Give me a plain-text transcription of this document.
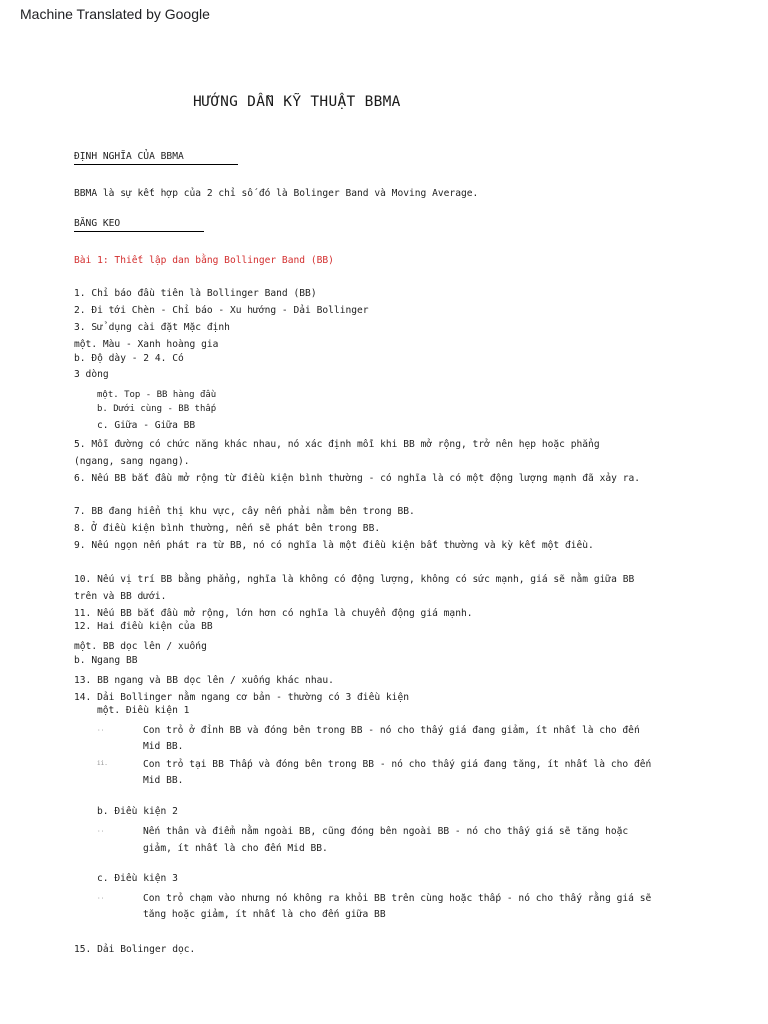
Machine Translated by Google
HƯỚNG DẪN KỸ THUẬT BBMA
ĐỊNH NGHĨA CỦA BBMA
BBMA là sự kết hợp của 2 chỉ số đó là Bolinger Band và Moving Average.
BĂNG KEO
Bài 1: Thiết lập dan bằng Bollinger Band (BB)
1. Chỉ báo đầu tiên là Bollinger Band (BB)
2. Đi tới Chèn - Chỉ báo - Xu hướng - Dải Bollinger
3. Sử dụng cài đặt Mặc định
một. Màu - Xanh hoàng gia
b. Độ dày - 2 4. Có
3 dòng
một. Top - BB hàng đầu
b. Dưới cùng - BB thấp
c. Giữa - Giữa BB
5. Mỗi đường có chức năng khác nhau, nó xác định mỗi khi BB mở rộng, trở nên hẹp hoặc phẳng
(ngang, sang ngang).
6. Nếu BB bắt đầu mở rộng từ điều kiện bình thường - có nghĩa là có một động lượng mạnh đã xảy ra.
7. BB đang hiển thị khu vực, cây nến phải nằm bên trong BB.
8. Ở điều kiện bình thường, nến sẽ phát bên trong BB.
9. Nếu ngọn nến phát ra từ BB, nó có nghĩa là một điều kiện bất thường và kỳ kết một điều.
10. Nếu vị trí BB bằng phẳng, nghĩa là không có động lượng, không có sức mạnh, giá sẽ nằm giữa BB
trên và BB dưới.
11. Nếu BB bắt đầu mở rộng, lớn hơn có nghĩa là chuyển động giá mạnh.
12. Hai điều kiện của BB
một. BB dọc lên / xuống
b. Ngang BB
13. BB ngang và BB dọc lên / xuống khác nhau.
14. Dải Bollinger nằm ngang cơ bản - thường có 3 điều kiện
một. Điều kiện 1
··	Con trỏ ở đỉnh BB và đóng bên trong BB - nó cho thấy giá đang giảm, ít nhất là cho đến
Mid BB.
ii.	Con trỏ tại BB Thấp và đóng bên trong BB - nó cho thấy giá đang tăng, ít nhất là cho đến
Mid BB.
b. Điều kiện 2
··	Nến thân và điểm nằm ngoài BB, cũng đóng bên ngoài BB - nó cho thấy giá sẽ tăng hoặc
giảm, ít nhất là cho đến Mid BB.
c. Điều kiện 3
··	Con trỏ chạm vào nhưng nó không ra khỏi BB trên cùng hoặc thấp - nó cho thấy rằng giá sẽ
tăng hoặc giảm, ít nhất là cho đến giữa BB
15. Dải Bolinger dọc.
